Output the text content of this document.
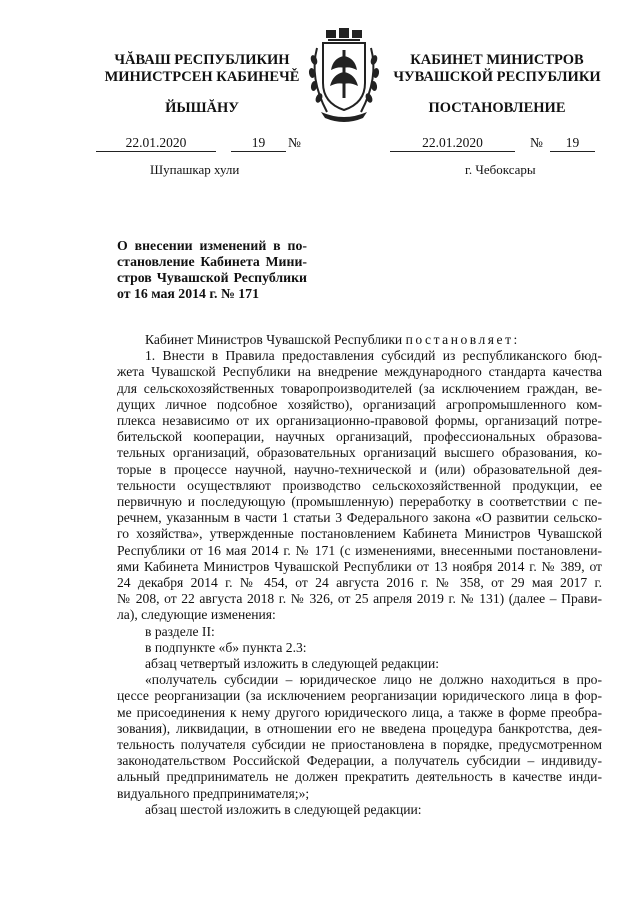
ЧĂВАШ РЕСПУБЛИКИН
МИНИСТРСЕН КАБИНЕЧĚ
ЙЫШĂНУ
КАБИНЕТ МИНИСТРОВ
ЧУВАШСКОЙ РЕСПУБЛИКИ
ПОСТАНОВЛЕНИЕ
22.01.2020	19	№	22.01.2020	№	19
Шупашкар хули	г. Чебоксары
О внесении изменений в по-
становление Кабинета Мини-
стров Чувашской Республики
от 16 мая 2014 г. № 171

Кабинет Министров Чувашской Республики постановляет:

1. Внести в Правила предоставления субсидий из республиканского бюд-
жета Чувашской Республики на внедрение международного стандарта качества
для сельскохозяйственных товаропроизводителей (за исключением граждан, ве-
дущих личное подсобное хозяйство), организаций агропромышленного ком-
плекса независимо от их организационно-правовой формы, организаций потре-
бительской кооперации, научных организаций, профессиональных образова-
тельных организаций, образовательных организаций высшего образования, ко-
торые в процессе научной, научно-технической и (или) образовательной дея-
тельности осуществляют производство сельскохозяйственной продукции, ее
первичную и последующую (промышленную) переработку в соответствии с пе-
речнем, указанным в части 1 статьи 3 Федерального закона «О развитии сельско-
го хозяйства», утвержденные постановлением Кабинета Министров Чувашской
Республики от 16 мая 2014 г. № 171 (с изменениями, внесенными постановлени-
ями Кабинета Министров Чувашской Республики от 13 ноября 2014 г. № 389, от
24 декабря 2014 г. № 454, от 24 августа 2016 г. № 358, от 29 мая 2017 г.
№ 208, от 22 августа 2018 г. № 326, от 25 апреля 2019 г. № 131) (далее – Прави-
ла), следующие изменения:

в разделе II:

в подпункте «б» пункта 2.3:

абзац четвертый изложить в следующей редакции:

«получатель субсидии – юридическое лицо не должно находиться в про-
цессе реорганизации (за исключением реорганизации юридического лица в фор-
ме присоединения к нему другого юридического лица, а также в форме преобра-
зования), ликвидации, в отношении его не введена процедура банкротства, дея-
тельность получателя субсидии не приостановлена в порядке, предусмотренном
законодательством Российской Федерации, а получатель субсидии – индивиду-
альный предприниматель не должен прекратить деятельность в качестве инди-
видуального предпринимателя;»;

абзац шестой изложить в следующей редакции:
